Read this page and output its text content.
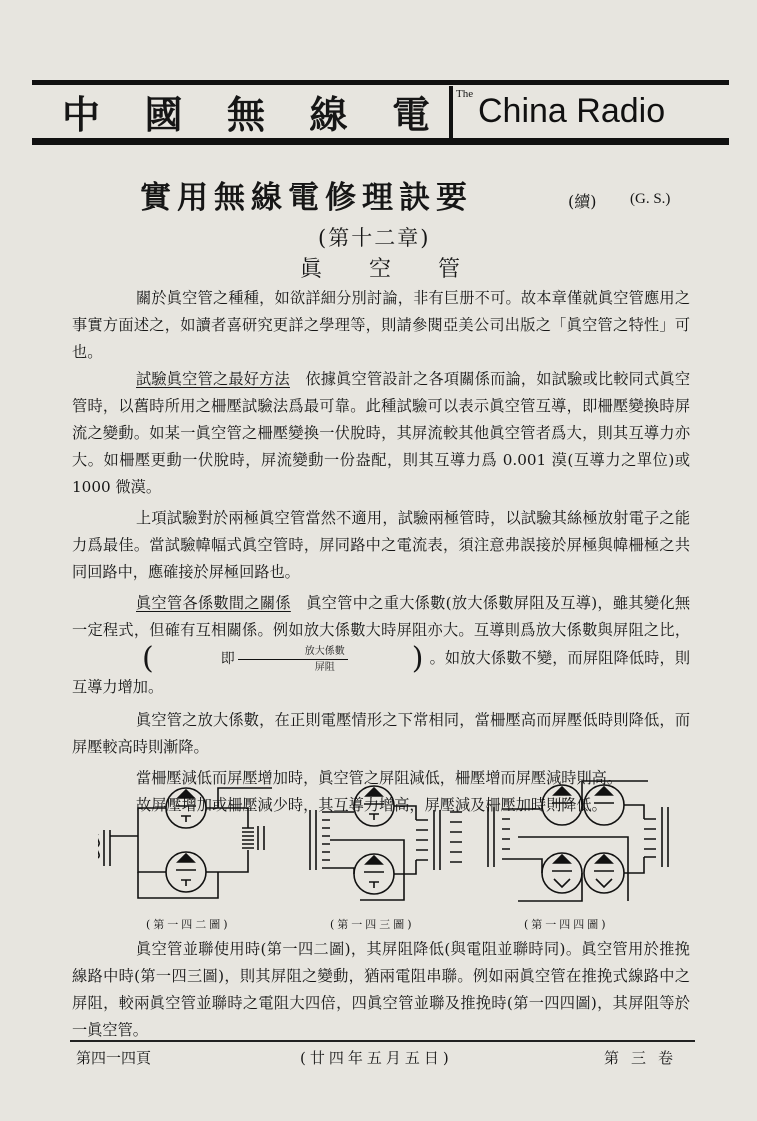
中 國 無 線 電 The China Radio
實用無線電修理訣要	(續) (G. S.)
(第十二章)
眞 空 管

關於眞空管之種種，如欲詳細分別討論，非有巨册不可。故本章僅就眞空管應用之事實方面述之，如讀者喜研究更詳之學理等，則請參閱亞美公司出版之「眞空管之特性」可也。

試驗眞空管之最好方法　 依據眞空管設計之各項關係而論，如試驗或比較同式眞空管時，以舊時所用之柵壓試驗法爲最可靠。此種試驗可以表示眞空管互導，即柵壓變換時屏流之變動。如某一眞空管之柵壓變換一伏脫時，其屏流較其他眞空管者爲大，則其互導力亦大。如柵壓更動一伏脫時，屏流變動一份盎配，則其互導力爲 0.001 漠(互導力之單位)或 1000 微漠。

上項試驗對於兩極眞空管當然不適用，試驗兩極管時，以試驗其絲極放射電子之能力爲最佳。當試驗幃幅式眞空管時，屏同路中之電流表，須注意弗誤接於屏極與幃柵極之共同回路中，應確接於屏極回路也。

眞空管各係數間之關係　 眞空管中之重大係數(放大係數屏阻及互導)，雖其變化無一定程式，但確有互相關係。例如放大係數大時屏阻亦大。互導則爲放大係數與屏阻之比，
(	即 $\frac{\text{放大係數}}{\text{屏阻}}$	) 。如放大係數不變，而屏阻降低時，則互導力增加。

眞空管之放大係數，在正則電壓情形之下常相同，當柵壓高而屏壓低時則降低，而屏壓較高時則漸降。

當柵壓減低而屏壓增加時，眞空管之屏阻減低，柵壓增而屏壓減時則高。

故屏壓增加或柵壓減少時，其互導力增高，屏壓減及柵壓加時則降低。

(第一四二圖)	(第一四三圖)	(第一四四圖)

眞空管並聯使用時(第一四二圖)，其屏阻降低(與電阻並聯時同)。眞空管用於推挽線路中時(第一四三圖)，則其屏阻之變動，猶兩電阻串聯。例如兩眞空管在推挽式線路中之屏阻，較兩眞空管並聯時之電阻大四倍，四眞空管並聯及推挽時(第一四四圖)，其屏阻等於一眞空管。

第四一四頁	(廿四年五月五日)	第三卷
